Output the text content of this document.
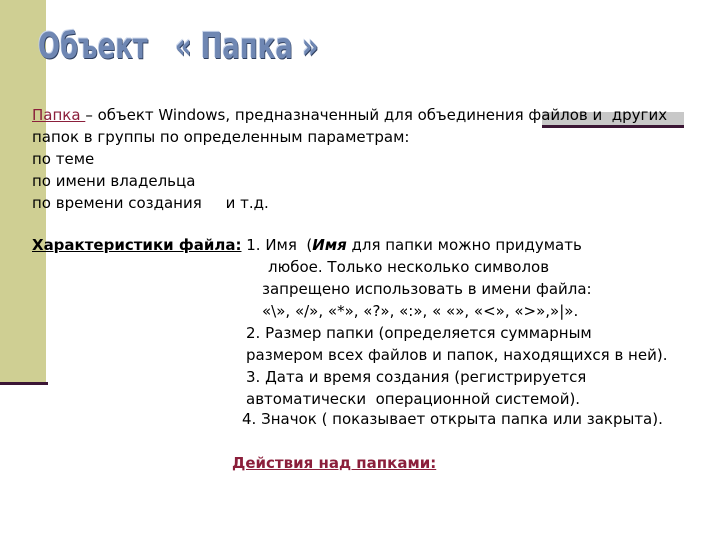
Объект   « Папка »
Папка – объект Windows, предназначенный для объединения файлов и  других
папок в группы по определенным параметрам:
по теме
по имени владельца
по времени создания     и т.д.
Характеристики файла: 1. Имя  (Имя для папки можно придумать
любое. Только несколько символов
запрещено использовать в имени файла:
«\», «/», «*», «?», «:», « «», «<», «>»,»|».
2. Размер папки (определяется суммарным
размером всех файлов и папок, находящихся в ней).
3. Дата и время создания (регистрируется
автоматически  операционной системой).
4. Значок ( показывает открыта папка или закрыта).
Действия над папками:
